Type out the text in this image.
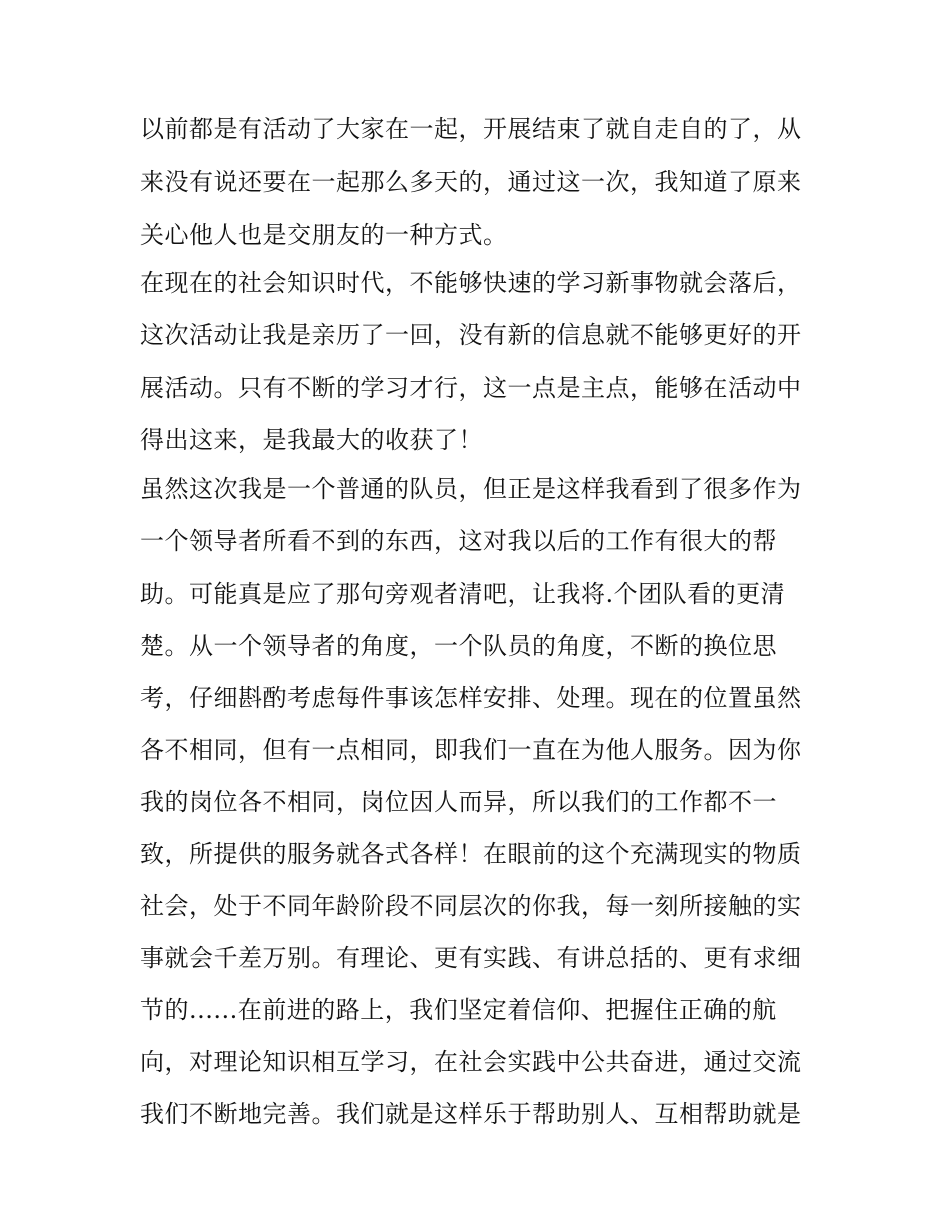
以前都是有活动了大家在一起，开展结束了就自走自的了，从
来没有说还要在一起那么多天的，通过这一次，我知道了原来
关心他人也是交朋友的一种方式。
在现在的社会知识时代，不能够快速的学习新事物就会落后，
这次活动让我是亲历了一回，没有新的信息就不能够更好的开
展活动。只有不断的学习才行，这一点是主点，能够在活动中
得出这来，是我最大的收获了！
虽然这次我是一个普通的队员，但正是这样我看到了很多作为
一个领导者所看不到的东西，这对我以后的工作有很大的帮
助。可能真是应了那句旁观者清吧，让我将.个团队看的更清
楚。从一个领导者的角度，一个队员的角度，不断的换位思
考，仔细斟酌考虑每件事该怎样安排、处理。现在的位置虽然
各不相同，但有一点相同，即我们一直在为他人服务。因为你
我的岗位各不相同，岗位因人而异，所以我们的工作都不一
致，所提供的服务就各式各样！在眼前的这个充满现实的物质
社会，处于不同年龄阶段不同层次的你我，每一刻所接触的实
事就会千差万别。有理论、更有实践、有讲总括的、更有求细
节的......在前进的路上，我们坚定着信仰、把握住正确的航
向，对理论知识相互学习，在社会实践中公共奋进，通过交流
我们不断地完善。我们就是这样乐于帮助别人、互相帮助就是
